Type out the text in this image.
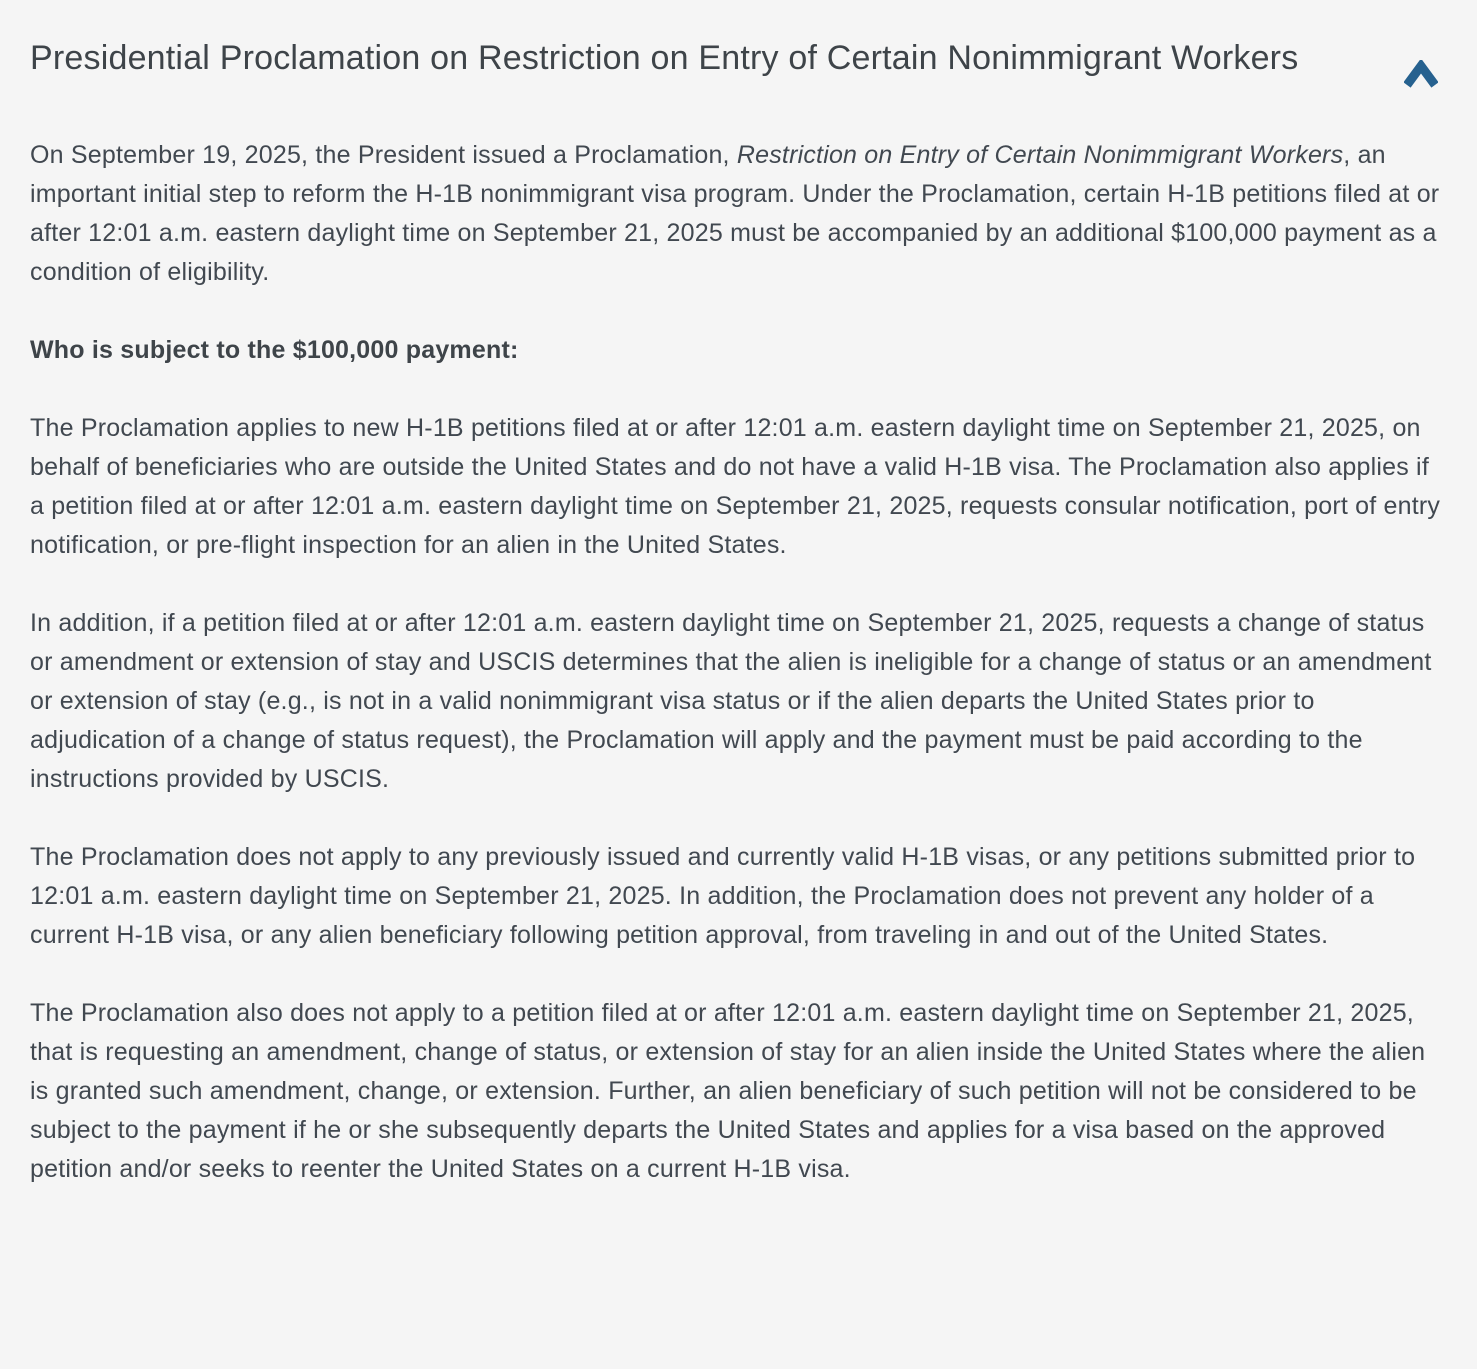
Presidential Proclamation on Restriction on Entry of Certain Nonimmigrant Workers

On September 19, 2025, the President issued a Proclamation, Restriction on Entry of Certain Nonimmigrant Workers, an important initial step to reform the H-1B nonimmigrant visa program. Under the Proclamation, certain H-1B petitions filed at or after 12:01 a.m. eastern daylight time on September 21, 2025 must be accompanied by an additional $100,000 payment as a condition of eligibility.

Who is subject to the $100,000 payment:

The Proclamation applies to new H-1B petitions filed at or after 12:01 a.m. eastern daylight time on September 21, 2025, on behalf of beneficiaries who are outside the United States and do not have a valid H-1B visa. The Proclamation also applies if a petition filed at or after 12:01 a.m. eastern daylight time on September 21, 2025, requests consular notification, port of entry notification, or pre-flight inspection for an alien in the United States.

In addition, if a petition filed at or after 12:01 a.m. eastern daylight time on September 21, 2025, requests a change of status or amendment or extension of stay and USCIS determines that the alien is ineligible for a change of status or an amendment or extension of stay (e.g., is not in a valid nonimmigrant visa status or if the alien departs the United States prior to adjudication of a change of status request), the Proclamation will apply and the payment must be paid according to the instructions provided by USCIS.

The Proclamation does not apply to any previously issued and currently valid H-1B visas, or any petitions submitted prior to 12:01 a.m. eastern daylight time on September 21, 2025. In addition, the Proclamation does not prevent any holder of a current H-1B visa, or any alien beneficiary following petition approval, from traveling in and out of the United States.

The Proclamation also does not apply to a petition filed at or after 12:01 a.m. eastern daylight time on September 21, 2025, that is requesting an amendment, change of status, or extension of stay for an alien inside the United States where the alien is granted such amendment, change, or extension. Further, an alien beneficiary of such petition will not be considered to be subject to the payment if he or she subsequently departs the United States and applies for a visa based on the approved petition and/or seeks to reenter the United States on a current H-1B visa.
